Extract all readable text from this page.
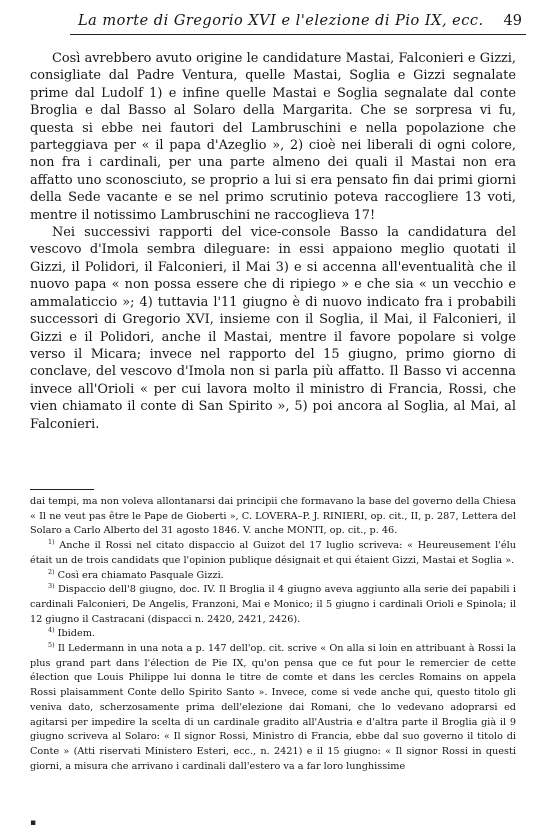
La morte di Gregorio XVI e l'elezione di Pio IX, ecc. 49

Così avrebbero avuto origine le candidature Mastai, Falconieri e Gizzi, consigliate dal Padre Ventura, quelle Mastai, Soglia e Gizzi segnalate prime dal Ludolf 1) e infine quelle Mastai e Soglia segnalate dal conte Broglia e dal Basso al Solaro della Margarita. Che se sorpresa vi fu, questa si ebbe nei fautori del Lambruschini e nella popolazione che parteggiava per « il papa d'Azeglio », 2) cioè nei liberali di ogni colore, non fra i cardinali, per una parte almeno dei quali il Mastai non era affatto uno sconosciuto, se proprio a lui si era pensato fin dai primi giorni della Sede vacante e se nel primo scrutinio poteva raccogliere 13 voti, mentre il notissimo Lambruschini ne raccoglieva 17!

Nei successivi rapporti del vice-console Basso la candidatura del vescovo d'Imola sembra dileguare: in essi appaiono meglio quotati il Gizzi, il Polidori, il Falconieri, il Mai 3) e si accenna all'eventualità che il nuovo papa « non possa essere che di ripiego » e che sia « un vecchio e ammalaticcio »; 4) tuttavia l'11 giugno è di nuovo indicato fra i probabili successori di Gregorio XVI, insieme con il Soglia, il Mai, il Falconieri, il Gizzi e il Polidori, anche il Mastai, mentre il favore popolare si volge verso il Micara; invece nel rapporto del 15 giugno, primo giorno di conclave, del vescovo d'Imola non si parla più affatto. Il Basso vi accenna invece all'Orioli « per cui lavora molto il ministro di Francia, Rossi, che vien chiamato il conte di San Spirito », 5) poi ancora al Soglia, al Mai, al Falconieri.

dai tempi, ma non voleva allontanarsi dai principii che formavano la base del governo della Chiesa « Il ne veut pas être le Pape de Gioberti », C. LOVERA–P. J. RINIERI, op. cit., II, p. 287, Lettera del Solaro a Carlo Alberto del 31 agosto 1846. V. anche MONTI, op. cit., p. 46.

$^{1)}$ Anche il Rossi nel citato dispaccio al Guizot del 17 luglio scriveva: « Heureusement l'élu était un de trois candidats que l'opinion publique désignait et qui étaient Gizzi, Mastai et Soglia ».

$^{2)}$ Così era chiamato Pasquale Gizzi.

$^{3)}$ Dispaccio dell'8 giugno, doc. IV. Il Broglia il 4 giugno aveva aggiunto alla serie dei papabili i cardinali Falconieri, De Angelis, Franzoni, Mai e Monico; il 5 giugno i cardinali Orioli e Spinola; il 12 giugno il Castracani (dispacci n. 2420, 2421, 2426).

$^{4)}$ Ibidem.

$^{5)}$ Il Ledermann in una nota a p. 147 dell'op. cit. scrive « On alla si loin en attribuant à Rossi la plus grand part dans l'élection de Pie IX, qu'on pensa que ce fut pour le remercier de cette élection que Louis Philippe lui donna le titre de comte et dans les cercles Romains on appela Rossi plaisamment Conte dello Spirito Santo ». Invece, come si vede anche qui, questo titolo gli veniva dato, scherzosamente prima dell'elezione dai Romani, che lo vedevano adoprarsi ed agitarsi per impedire la scelta di un cardinale gradito all'Austria e d'altra parte il Broglia già il 9 giugno scriveva al Solaro: « Il signor Rossi, Ministro di Francia, ebbe dal suo governo il titolo di Conte » (Atti riservati Ministero Esteri, ecc., n. 2421) e il 15 giugno: « Il signor Rossi in questi giorni, a misura che arrivano i cardinali dall'estero va a far loro lunghissime

▪
